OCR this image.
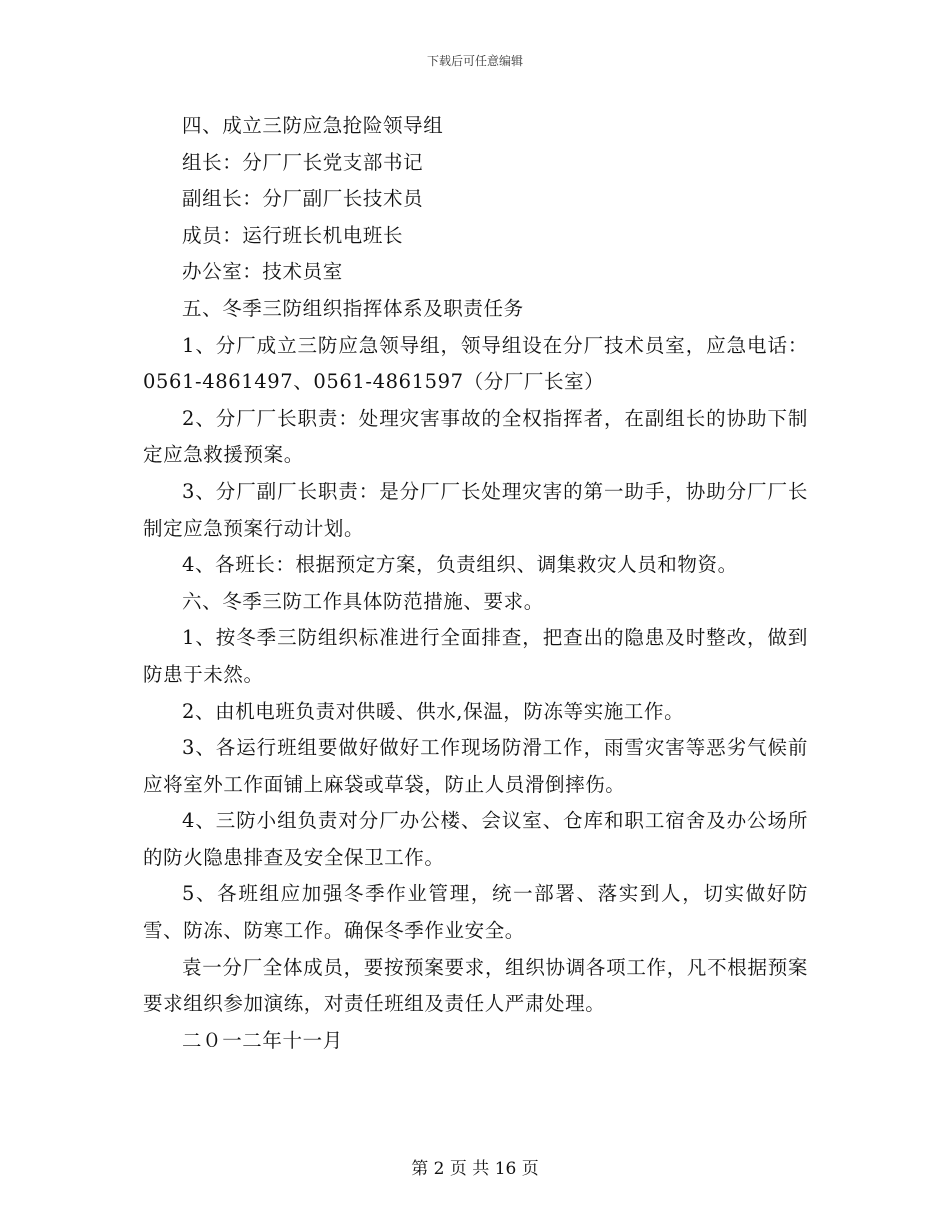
下载后可任意编辑

四、成立三防应急抢险领导组

组长：分厂厂长党支部书记

副组长：分厂副厂长技术员

成员：运行班长机电班长

办公室：技术员室

五、冬季三防组织指挥体系及职责任务

1、分厂成立三防应急领导组，领导组设在分厂技术员室，应急电话：0561-4861497、0561-4861597（分厂厂长室）

2、分厂厂长职责：处理灾害事故的全权指挥者，在副组长的协助下制定应急救援预案。

3、分厂副厂长职责：是分厂厂长处理灾害的第一助手，协助分厂厂长制定应急预案行动计划。

4、各班长：根据预定方案，负责组织、调集救灾人员和物资。

六、冬季三防工作具体防范措施、要求。

1、按冬季三防组织标准进行全面排查，把查出的隐患及时整改，做到防患于未然。

2、由机电班负责对供暖、供水,保温，防冻等实施工作。

3、各运行班组要做好做好工作现场防滑工作，雨雪灾害等恶劣气候前应将室外工作面铺上麻袋或草袋，防止人员滑倒摔伤。

4、三防小组负责对分厂办公楼、会议室、仓库和职工宿舍及办公场所的防火隐患排查及安全保卫工作。

5、各班组应加强冬季作业管理，统一部署、落实到人，切实做好防雪、防冻、防寒工作。确保冬季作业安全。

袁一分厂全体成员，要按预案要求，组织协调各项工作，凡不根据预案要求组织参加演练，对责任班组及责任人严肃处理。

二０一二年十一月

第 2 页 共 16 页
